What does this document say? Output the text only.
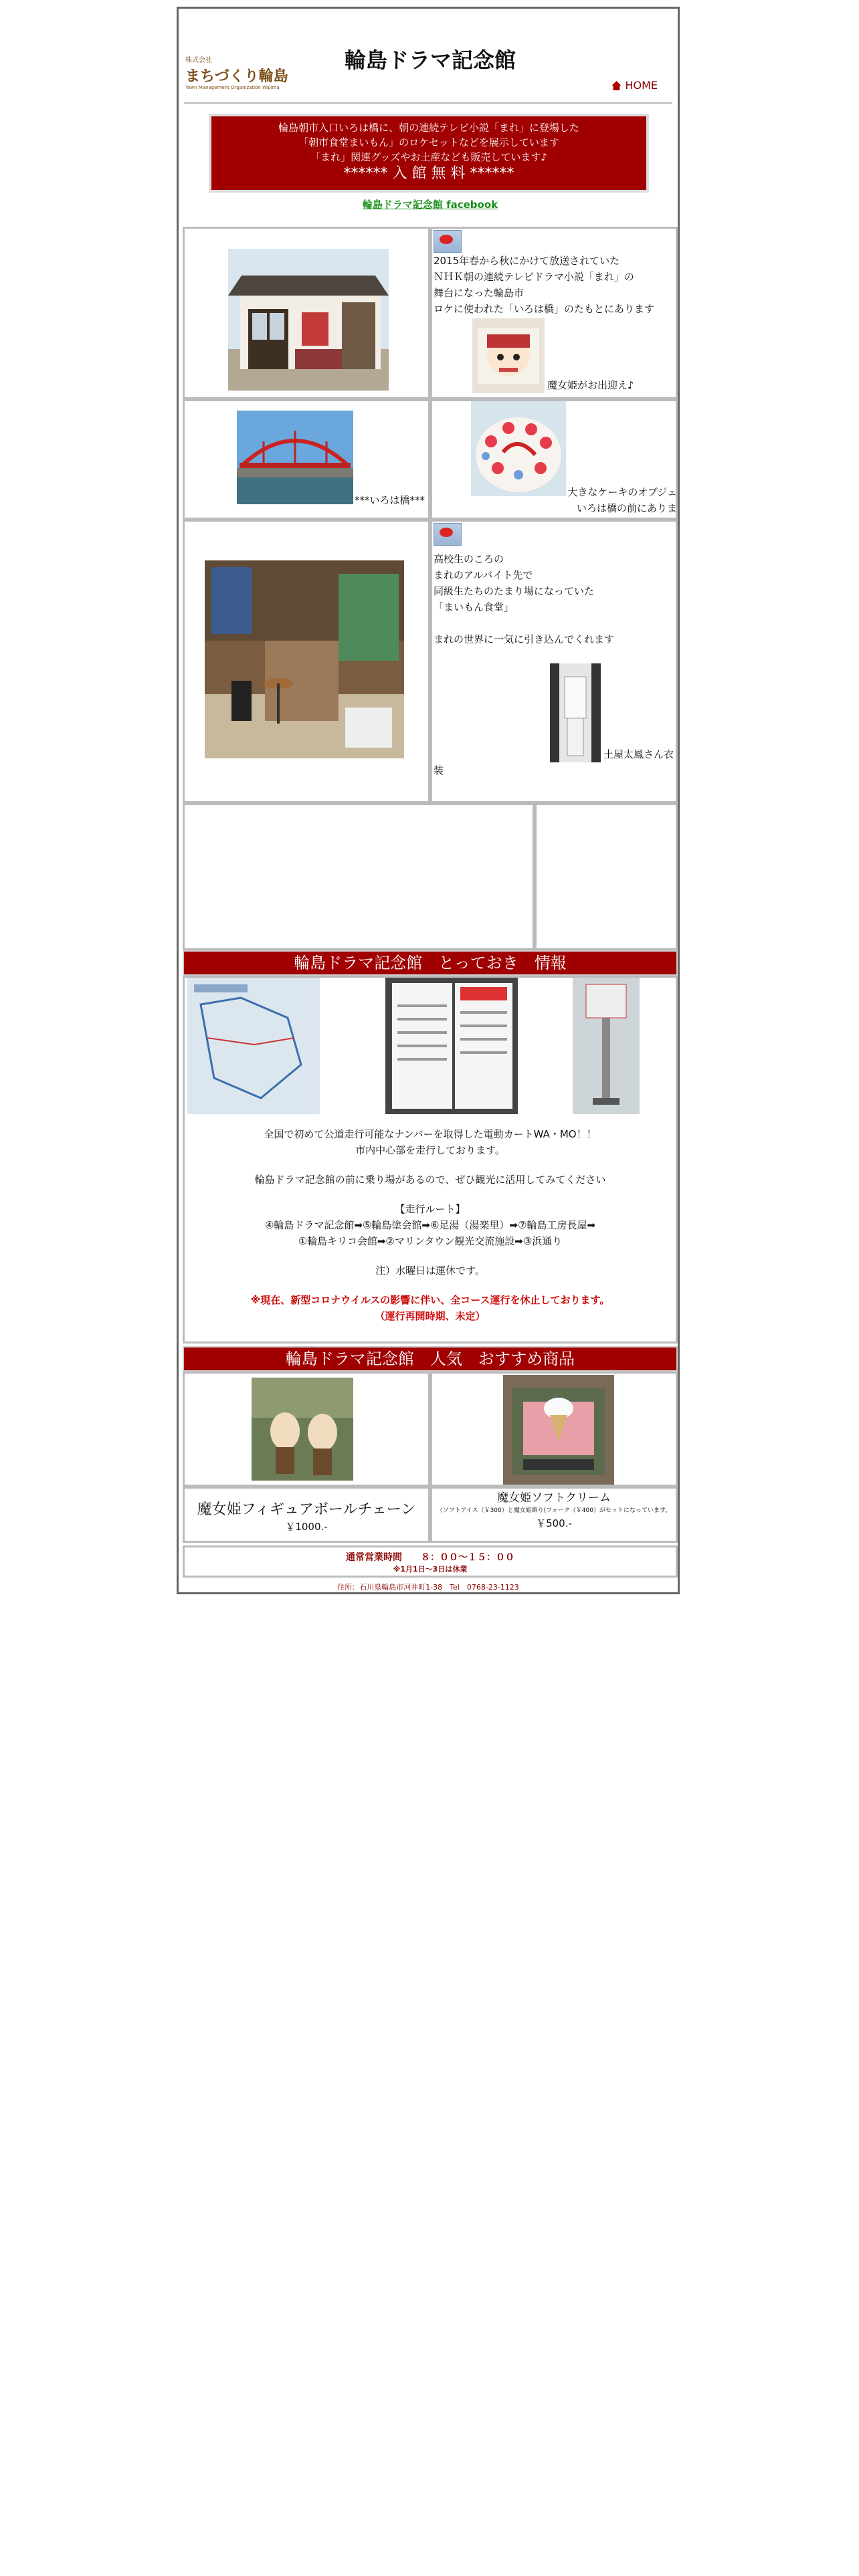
株式会社
まちづくり輪島
Town Management Organization Wajima
輪島ドラマ記念館
HOME
輪島朝市入口いろは橋に、朝の連続テレビ小説「まれ」に登場した
「朝市食堂まいもん」のロケセットなどを展示しています
「まれ」関連グッズやお土産なども販売しています♪
****** 入 館 無 料 ******
輪島ドラマ記念館 facebook
2015年春から秋にかけて放送されていた
ＮＨＫ朝の連続テレビドラマ小説「まれ」の
舞台になった輪島市
ロケに使われた「いろは橋」のたもとにあります
魔女姫がお出迎え♪
***いろは橋***
大きなケーキのオブジェ
いろは橋の前にありま
高校生のころの
まれのアルバイト先で
同級生たちのたまり場になっていた
「まいもん食堂」
まれの世界に一気に引き込んでくれます
土屋太鳳さん衣装
輪島ドラマ記念館　とっておき　情報
全国で初めて公道走行可能なナンバーを取得した電動カートWA・MO！！
市内中心部を走行しております。
輪島ドラマ記念館の前に乗り場があるので、ぜひ観光に活用してみてください
【走行ルート】
④輪島ドラマ記念館➡⑤輪島塗会館➡⑥足湯（湯楽里）➡⑦輪島工房長屋➡
①輪島キリコ会館➡②マリンタウン観光交流施設➡③浜通り
注）水曜日は運休です。
※現在、新型コロナウイルスの影響に伴い、全コース運行を休止しております。
（運行再開時期、未定）
輪島ドラマ記念館　人気　おすすめ商品
魔女姫フィギュアボールチェーン
￥1000.-
魔女姫ソフトクリーム
（ソフトアイス（￥300）と魔女姫飾り(フォーク（￥400）がセットになっています。
￥500.-
通常営業時間　　８：００〜１５：００
※1月1日〜3日は休業
住所：石川県輪島市河井町1-38　Tel　0768-23-1123
